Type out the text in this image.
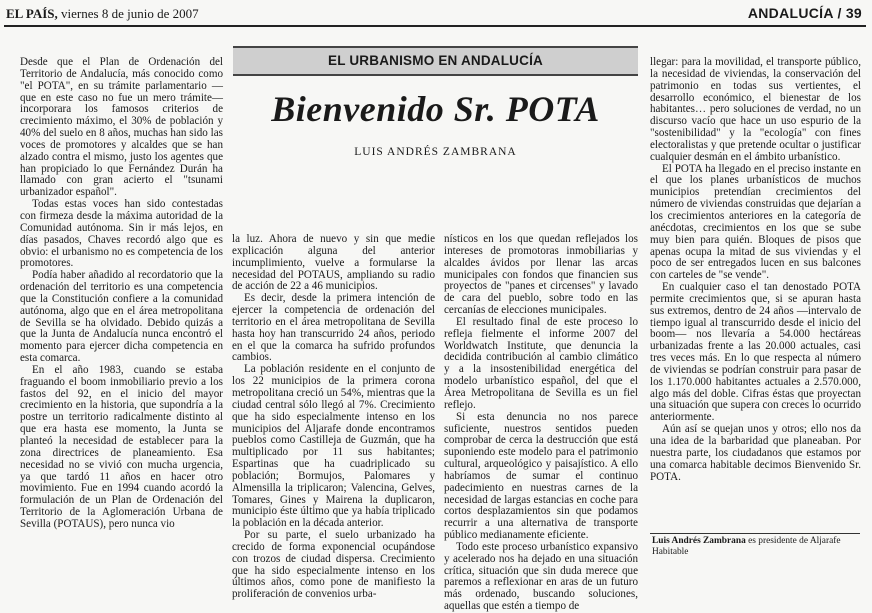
EL PAÍS, viernes 8 de junio de 2007	ANDALUCÍA / 39
EL URBANISMO EN ANDALUCÍA
Bienvenido Sr. POTA
LUIS ANDRÉS ZAMBRANA

Desde que el Plan de Ordenación del Territorio de Andalucía, más conocido como "el POTA", en su trámite parlamentario —que en este caso no fue un mero trámite— incorporara los famosos criterios de crecimiento máximo, el 30% de población y 40% del suelo en 8 años, muchas han sido las voces de promotores y alcaldes que se han alzado contra el mismo, justo los agentes que han propiciado lo que Fernández Durán ha llamado con gran acierto el "tsunami urbanizador español".

Todas estas voces han sido contestadas con firmeza desde la máxima autoridad de la Comunidad autónoma. Sin ir más lejos, en días pasados, Chaves recordó algo que es obvio: el urbanismo no es competencia de los promotores.

Podía haber añadido al recordatorio que la ordenación del territorio es una competencia que la Constitución confiere a la comunidad autónoma, algo que en el área metropolitana de Sevilla se ha olvidado. Debido quizás a que la Junta de Andalucía nunca encontró el momento para ejercer dicha competencia en esta comarca.

En el año 1983, cuando se estaba fraguando el boom inmobiliario previo a los fastos del 92, en el inicio del mayor crecimiento en la historia, que supondría a la postre un territorio radicalmente distinto al que era hasta ese momento, la Junta se planteó la necesidad de establecer para la zona directrices de planeamiento. Esa necesidad no se vivió con mucha urgencia, ya que tardó 11 años en hacer otro movimiento. Fue en 1994 cuando acordó la formulación de un Plan de Ordenación del Territorio de la Aglomeración Urbana de Sevilla (POTAUS), pero nunca vio

la luz. Ahora de nuevo y sin que medie explicación alguna del anterior incumplimiento, vuelve a formularse la necesidad del POTAUS, ampliando su radio de acción de 22 a 46 municipios.

Es decir, desde la primera intención de ejercer la competencia de ordenación del territorio en el área metropolitana de Sevilla hasta hoy han transcurrido 24 años, periodo en el que la comarca ha sufrido profundos cambios.

La población residente en el conjunto de los 22 municipios de la primera corona metropolitana creció un 54%, mientras que la ciudad central sólo llegó al 7%. Crecimiento que ha sido especialmente intenso en los municipios del Aljarafe donde encontramos pueblos como Castilleja de Guzmán, que ha multiplicado por 11 sus habitantes; Espartinas que ha cuadriplicado su población; Bormujos, Palomares y Almensilla la triplicaron; Valencina, Gelves, Tomares, Gines y Mairena la duplicaron, municipio éste último que ya había triplicado la población en la década anterior.

Por su parte, el suelo urbanizado ha crecido de forma exponencial ocupándose con trozos de ciudad dispersa. Crecimiento que ha sido especialmente intenso en los últimos años, como pone de manifiesto la proliferación de convenios urba-

nísticos en los que quedan reflejados los intereses de promotoras inmobiliarias y alcaldes ávidos por llenar las arcas municipales con fondos que financien sus proyectos de "panes et circenses" y lavado de cara del pueblo, sobre todo en las cercanías de elecciones municipales.

El resultado final de este proceso lo refleja fielmente el informe 2007 del Worldwatch Institute, que denuncia la decidida contribución al cambio climático y a la insostenibilidad energética del modelo urbanístico español, del que el Área Metropolitana de Sevilla es un fiel reflejo.

Si esta denuncia no nos parece suficiente, nuestros sentidos pueden comprobar de cerca la destrucción que está suponiendo este modelo para el patrimonio cultural, arqueológico y paisajístico. A ello habríamos de sumar el continuo padecimiento en nuestras carnes de la necesidad de largas estancias en coche para cortos desplazamientos sin que podamos recurrir a una alternativa de transporte público medianamente eficiente.

Todo este proceso urbanístico expansivo y acelerado nos ha dejado en una situación crítica, situación que sin duda merece que paremos a reflexionar en aras de un futuro más ordenado, buscando soluciones, aquellas que estén a tiempo de

llegar: para la movilidad, el transporte público, la necesidad de viviendas, la conservación del patrimonio en todas sus vertientes, el desarrollo económico, el bienestar de los habitantes… pero soluciones de verdad, no un discurso vacío que hace un uso espurio de la "sostenibilidad" y la "ecología" con fines electoralistas y que pretende ocultar o justificar cualquier desmán en el ámbito urbanístico.

El POTA ha llegado en el preciso instante en el que los planes urbanísticos de muchos municipios pretendían crecimientos del número de viviendas construidas que dejarían a los crecimientos anteriores en la categoría de anécdotas, crecimientos en los que se sube muy bien para quién. Bloques de pisos que apenas ocupa la mitad de sus viviendas y el poco de ser entregados lucen en sus balcones con carteles de "se vende".

En cualquier caso el tan denostado POTA permite crecimientos que, si se apuran hasta sus extremos, dentro de 24 años —intervalo de tiempo igual al transcurrido desde el inicio del boom— nos llevaría a 54.000 hectáreas urbanizadas frente a las 20.000 actuales, casi tres veces más. En lo que respecta al número de viviendas se podrían construir para pasar de los 1.170.000 habitantes actuales a 2.570.000, algo más del doble. Cifras éstas que proyectan una situación que supera con creces lo ocurrido anteriormente.

Aún así se quejan unos y otros; ello nos da una idea de la barbaridad que planeaban. Por nuestra parte, los ciudadanos que estamos por una comarca habitable decimos Bienvenido Sr. POTA.

Luis Andrés Zambrana es presidente de Aljarafe Habitable
